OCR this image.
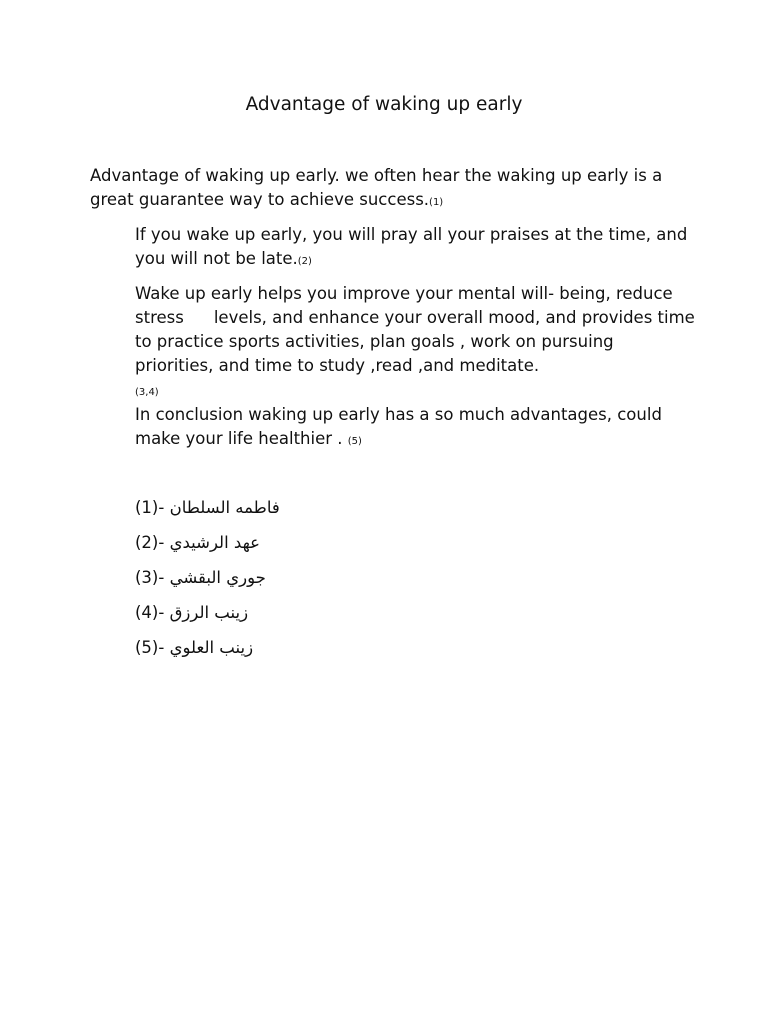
Advantage of waking up early

Advantage of waking up early. we often hear the waking up early is a great guarantee way to achieve success.(1)

If you wake up early, you will pray all your praises at the time, and you will not be late.(2)

Wake up early helps you improve your mental will- being, reduce stress levels, and enhance your overall mood, and provides time to practice sports activities, plan goals , work on pursuing priorities, and time to study ,read ,and meditate.
(3,4)

In conclusion waking up early has a so much advantages, could make your life healthier . (5)

(1)- فاطمه السلطان
(2)- عهد الرشيدي
(3)- جوري البقشي
(4)- زينب الرزق
(5)- زينب العلوي
